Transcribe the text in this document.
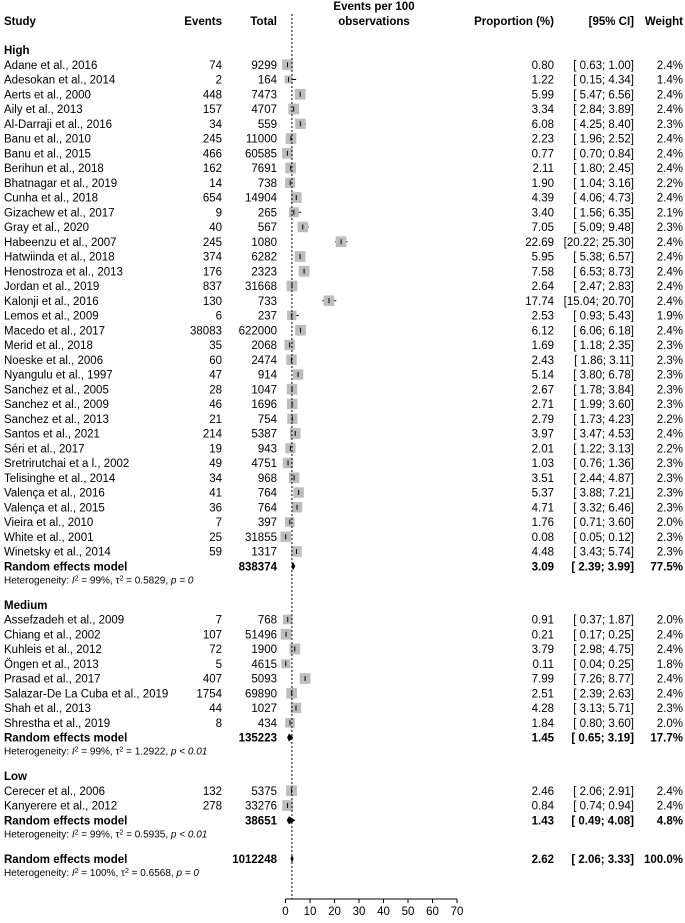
Study	Events Total
Events per 100
observations	Proportion (%)	[95% CI] Weight
High
Adane et al., 2016	74	9299	0.80 [ 0.63; 1.00] 2.4%
Adesokan et al., 2014	2	164	1.22 [ 0.15; 4.34] 1.4%
Aerts et al., 2000	448	7473	5.99 [ 5.47; 6.56] 2.4%
Aily et al., 2013	157	4707	3.34 [ 2.84; 3.89] 2.4%
Al-Darraji et al., 2016	34	559	6.08 [ 4.25; 8.40] 2.3%
Banu et al., 2010	245 11000	2.23 [ 1.96; 2.52] 2.4%
Banu et al., 2015	466 60585	0.77 [ 0.70; 0.84] 2.4%
Berihun et al., 2018	162	7691	2.11 [ 1.80; 2.45] 2.4%
Bhatnagar et al., 2019	14	738	1.90 [ 1.04; 3.16] 2.2%
Cunha et al., 2018	654 14904	4.39 [ 4.06; 4.73] 2.4%
Gizachew et al., 2017	9	265	3.40 [ 1.56; 6.35] 2.1%
Gray et al., 2020	40	567	7.05 [ 5.09; 9.48] 2.3%
Habeenzu et al., 2007	245	1080	22.69 [20.22; 25.30] 2.4%
Hatwiinda et al., 2018	374	6282	5.95 [ 5.38; 6.57] 2.4%
Henostroza et al., 2013	176	2323	7.58 [ 6.53; 8.73] 2.4%
Jordan et al., 2019	837 31668	2.64 [ 2.47; 2.83] 2.4%
Kalonji et al., 2016	130	733	17.74 [15.04; 20.70] 2.4%
Lemos et al., 2009	6	237	2.53 [ 0.93; 5.43] 1.9%
Macedo et al., 2017	38083 622000	6.12 [ 6.06; 6.18] 2.4%
Merid et al., 2018	35	2068	1.69 [ 1.18; 2.35] 2.3%
Noeske et al., 2006	60	2474	2.43 [ 1.86; 3.11] 2.3%
Nyangulu et al., 1997	47	914	5.14 [ 3.80; 6.78] 2.3%
Sanchez et al., 2005	28	1047	2.67 [ 1.78; 3.84] 2.3%
Sanchez et al., 2009	46	1696	2.71 [ 1.99; 3.60] 2.3%
Sanchez et al., 2013	21	754	2.79 [ 1.73; 4.23] 2.2%
Santos et al., 2021	214	5387	3.97 [ 3.47; 4.53] 2.4%
Séri et al., 2017	19	943	2.01 [ 1.22; 3.13] 2.2%
Sretrirutchai et a l., 2002	49	4751	1.03 [ 0.76; 1.36] 2.3%
Telisinghe et al., 2014	34	968	3.51 [ 2.44; 4.87] 2.3%
Valença et al., 2016	41	764	5.37 [ 3.88; 7.21] 2.3%
Valença et al., 2015	36	764	4.71 [ 3.32; 6.46] 2.3%
Vieira et al., 2010	7	397	1.76 [ 0.71; 3.60] 2.0%
White et al., 2001	25 31855	0.08 [ 0.05; 0.12] 2.3%
Winetsky et al., 2014	59	1317	4.48 [ 3.43; 5.74] 2.3%
Random effects model	838374	3.09 [ 2.39; 3.99] 77.5%
Heterogeneity: $I^2 = 99\%$, $\tau^2 = 0.5829$, p = 0
Medium
Assefzadeh et al., 2009	7	768	0.91 [ 0.37; 1.87] 2.0%
Chiang et al., 2002	107 51496	0.21 [ 0.17; 0.25] 2.4%
Kuhleis et al., 2012	72	1900	3.79 [ 2.98; 4.75] 2.4%
Öngen et al., 2013	5	4615	0.11 [ 0.04; 0.25] 1.8%
Prasad et al., 2017	407	5093	7.99 [ 7.26; 8.77] 2.4%
Salazar-De La Cuba et al., 2019 1754 69890	2.51 [ 2.39; 2.63] 2.4%
Shah et al., 2013	44	1027	4.28 [ 3.13; 5.71] 2.3%
Shrestha et al., 2019	8	434	1.84 [ 0.80; 3.60] 2.0%
Random effects model	135223	1.45 [ 0.65; 3.19] 17.7%
Heterogeneity: $I^2 = 99\%$, $\tau^2 = 1.2922$, p < 0.01
Low
Cerecer et al., 2006	132	5375	2.46 [ 2.06; 2.91] 2.4%
Kanyerere et al., 2012	278 33276	0.84 [ 0.74; 0.94] 2.4%
Random effects model	38651	1.43 [ 0.49; 4.08] 4.8%
Heterogeneity: $I^2 = 99\%$, $\tau^2 = 0.5935$, p < 0.01
Random effects model	1012248	2.62 [ 2.06; 3.33] 100.0%
Heterogeneity: $I^2 = 100\%$, $\tau^2 = 0.6568$, p = 0
0 10 20 30 40 50 60 70
